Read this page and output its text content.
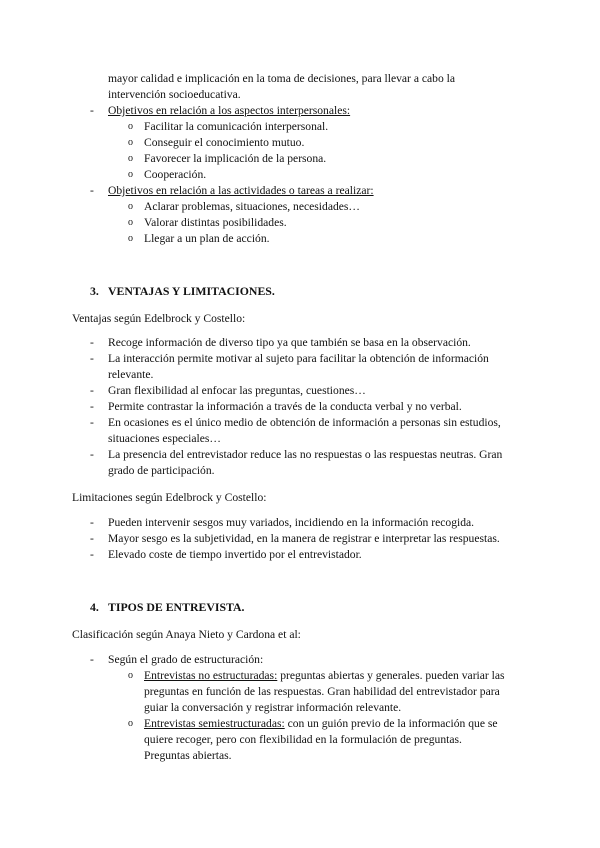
mayor calidad e implicación en la toma de decisiones, para llevar a cabo la
intervención socioeducativa.
- Objetivos en relación a los aspectos interpersonales:
o Facilitar la comunicación interpersonal.
o Conseguir el conocimiento mutuo.
o Favorecer la implicación de la persona.
o Cooperación.
- Objetivos en relación a las actividades o tareas a realizar:
o Aclarar problemas, situaciones, necesidades…
o Valorar distintas posibilidades.
o Llegar a un plan de acción.
3. VENTAJAS Y LIMITACIONES.
Ventajas según Edelbrock y Costello:
- Recoge información de diverso tipo ya que también se basa en la observación.
- La interacción permite motivar al sujeto para facilitar la obtención de información
relevante.
- Gran flexibilidad al enfocar las preguntas, cuestiones…
- Permite contrastar la información a través de la conducta verbal y no verbal.
- En ocasiones es el único medio de obtención de información a personas sin estudios,
situaciones especiales…
- La presencia del entrevistador reduce las no respuestas o las respuestas neutras. Gran
grado de participación.
Limitaciones según Edelbrock y Costello:
- Pueden intervenir sesgos muy variados, incidiendo en la información recogida.
- Mayor sesgo es la subjetividad, en la manera de registrar e interpretar las respuestas.
- Elevado coste de tiempo invertido por el entrevistador.
4. TIPOS DE ENTREVISTA.
Clasificación según Anaya Nieto y Cardona et al:
- Según el grado de estructuración:
o Entrevistas no estructuradas: preguntas abiertas y generales. pueden variar las
preguntas en función de las respuestas. Gran habilidad del entrevistador para
guiar la conversación y registrar información relevante.
o Entrevistas semiestructuradas: con un guión previo de la información que se
quiere recoger, pero con flexibilidad en la formulación de preguntas.
Preguntas abiertas.
